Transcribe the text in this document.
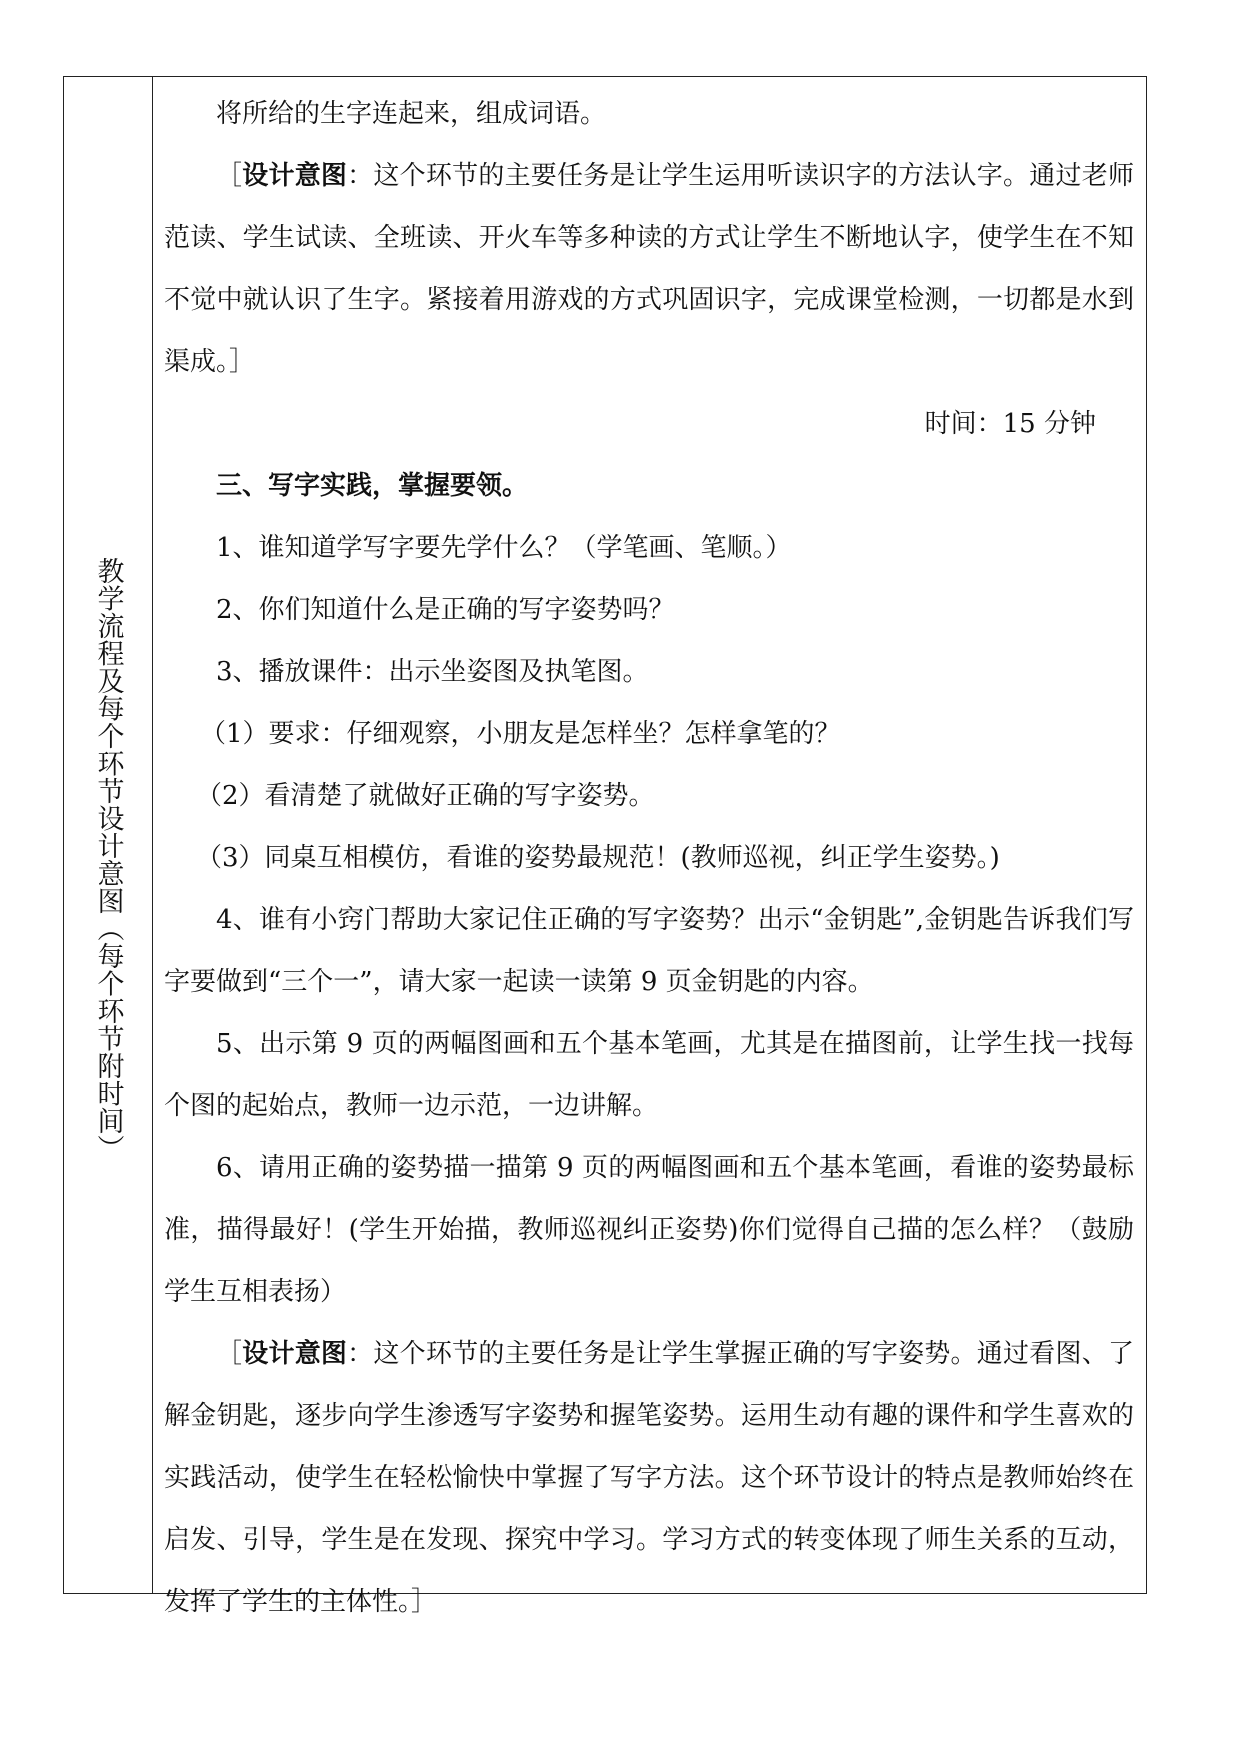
教学流程及每个环节设计意图（每个环节附时间）

将所给的生字连起来，组成词语。

［设计意图：这个环节的主要任务是让学生运用听读识字的方法认字。通过老师范读、学生试读、全班读、开火车等多种读的方式让学生不断地认字，使学生在不知不觉中就认识了生字。紧接着用游戏的方式巩固识字，完成课堂检测，一切都是水到渠成。］

时间：15 分钟

三、写字实践，掌握要领。

1、谁知道学写字要先学什么？（学笔画、笔顺。）

2、你们知道什么是正确的写字姿势吗？

3、播放课件：出示坐姿图及执笔图。

（1）要求：仔细观察，小朋友是怎样坐？怎样拿笔的？

（2）看清楚了就做好正确的写字姿势。

（3）同桌互相模仿，看谁的姿势最规范！(教师巡视，纠正学生姿势。)

4、谁有小窍门帮助大家记住正确的写字姿势？出示“金钥匙”,金钥匙告诉我们写字要做到“三个一”，请大家一起读一读第 9 页金钥匙的内容。

5、出示第 9 页的两幅图画和五个基本笔画，尤其是在描图前，让学生找一找每个图的起始点，教师一边示范，一边讲解。

6、请用正确的姿势描一描第 9 页的两幅图画和五个基本笔画，看谁的姿势最标准，描得最好！(学生开始描，教师巡视纠正姿势)你们觉得自己描的怎么样？（鼓励学生互相表扬）

［设计意图：这个环节的主要任务是让学生掌握正确的写字姿势。通过看图、了解金钥匙，逐步向学生渗透写字姿势和握笔姿势。运用生动有趣的课件和学生喜欢的实践活动，使学生在轻松愉快中掌握了写字方法。这个环节设计的特点是教师始终在启发、引导，学生是在发现、探究中学习。学习方式的转变体现了师生关系的互动，发挥了学生的主体性。］
